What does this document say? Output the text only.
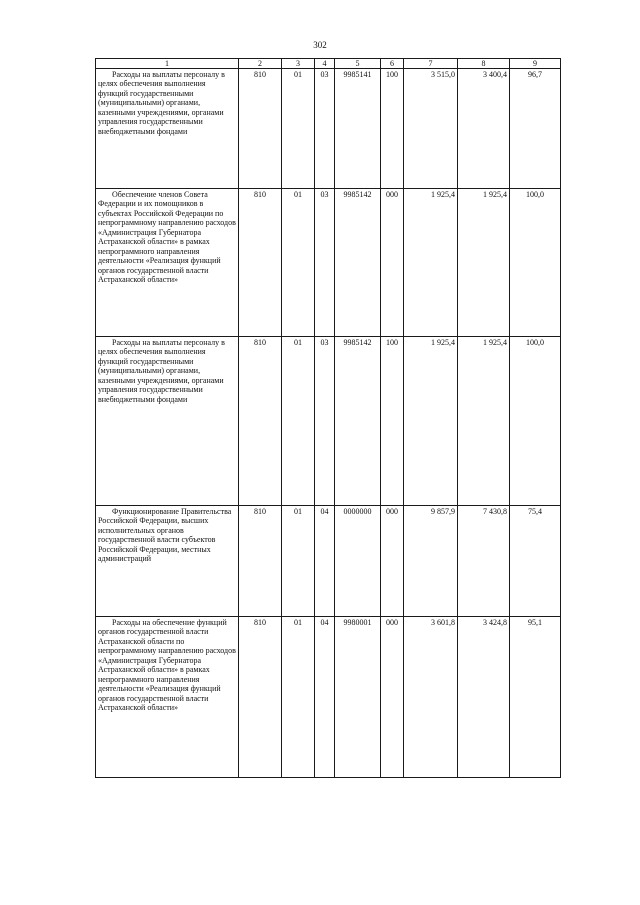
302
1	2	3	4	5	6	7	8	9
Расходы на выплаты персоналу в целях обеспечения выполнения функций государственными (муниципальными) органами, казенными учреждениями, органами управления государственными внебюджетными фондами	810	01	03	9985141	100	3 515,0	3 400,4	96,7
Обеспечение членов Совета Федерации и их помощников в субъектах Российской Федерации по непрограммному направлению расходов «Администрация Губернатора Астраханской области» в рамках непрограммного направления деятельности «Реализация функций органов государственной власти Астраханской области»	810	01	03	9985142	000	1 925,4	1 925,4	100,0
Расходы на выплаты персоналу в целях обеспечения выполнения функций государственными (муниципальными) органами, казенными учреждениями, органами управления государственными внебюджетными фондами	810	01	03	9985142	100	1 925,4	1 925,4	100,0
Функционирование Правительства Российской Федерации, высших исполнительных органов государственной власти субъектов Российской Федерации, местных администраций	810	01	04	0000000	000	9 857,9	7 430,8	75,4
Расходы на обеспечение функций органов государственной власти Астраханской области по непрограммному направлению расходов «Администрация Губернатора Астраханской области» в рамках непрограммного направления деятельности «Реализация функций органов государственной власти Астраханской области»	810	01	04	9980001	000	3 601,8	3 424,8	95,1
